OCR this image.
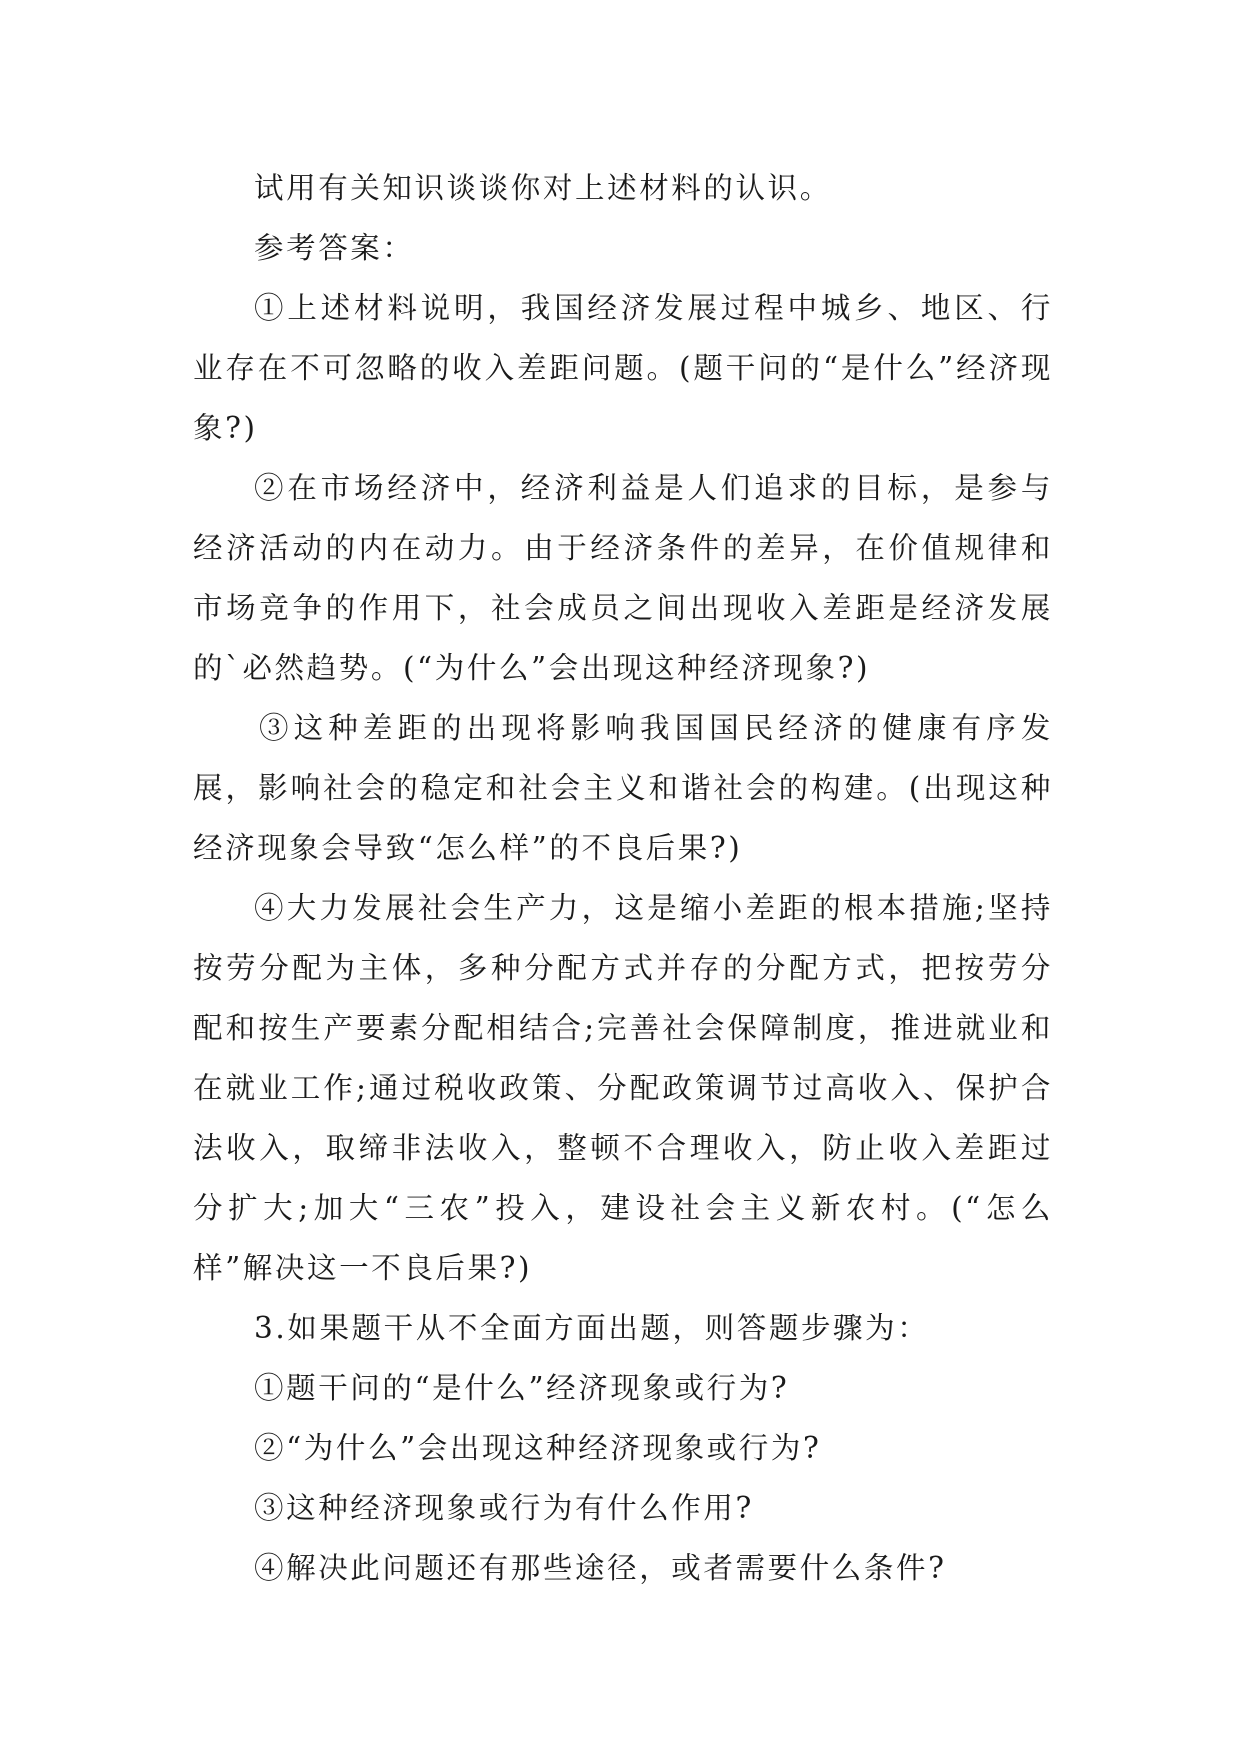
试用有关知识谈谈你对上述材料的认识。

参考答案：

①上述材料说明，我国经济发展过程中城乡、地区、行业存在不可忽略的收入差距问题。(题干问的“是什么”经济现象?)

②在市场经济中，经济利益是人们追求的目标，是参与经济活动的内在动力。由于经济条件的差异，在价值规律和市场竞争的作用下，社会成员之间出现收入差距是经济发展的`必然趋势。(“为什么”会出现这种经济现象?)

③这种差距的出现将影响我国国民经济的健康有序发展，影响社会的稳定和社会主义和谐社会的构建。(出现这种经济现象会导致“怎么样”的不良后果?)

④大力发展社会生产力，这是缩小差距的根本措施;坚持按劳分配为主体，多种分配方式并存的分配方式，把按劳分配和按生产要素分配相结合;完善社会保障制度，推进就业和在就业工作;通过税收政策、分配政策调节过高收入、保护合法收入，取缔非法收入，整顿不合理收入，防止收入差距过分扩大;加大“三农”投入，建设社会主义新农村。(“怎么样”解决这一不良后果?)

3.如果题干从不全面方面出题，则答题步骤为：

①题干问的“是什么”经济现象或行为?

②“为什么”会出现这种经济现象或行为?

③这种经济现象或行为有什么作用?

④解决此问题还有那些途径，或者需要什么条件?
